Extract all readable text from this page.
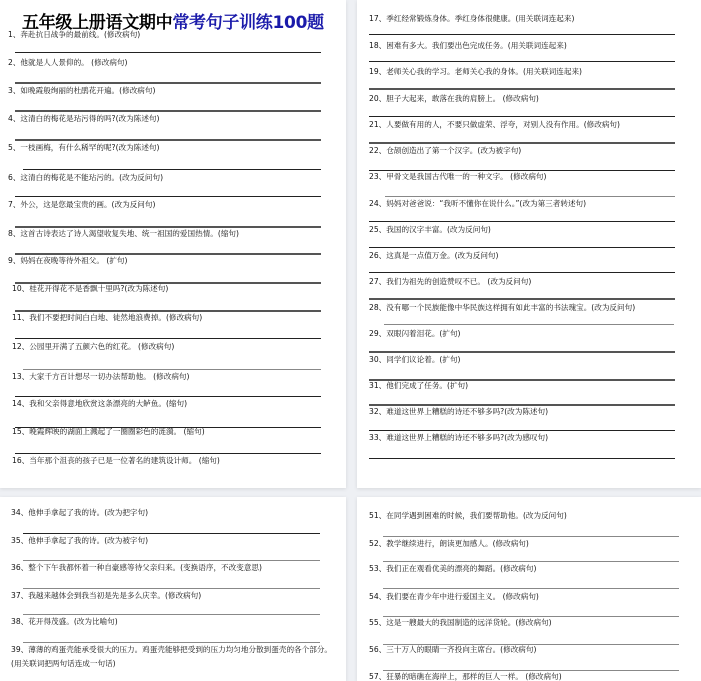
五年级上册语文期中常考句子训练100题
1、奔赴抗日战争的最前线。(修改病句)
2、他就是人人景仰的。 (修改病句)
3、如晚霞般绚丽的杜鹃花开遍。(修改病句)
4、这清白的梅花是玷污得的吗?(改为陈述句)
5、一枝画梅，有什么稀罕的呢?(改为陈述句)
6、这清白的梅花是不能玷污的。(改为反问句)
7、外公，这是您最宝贵的画。(改为反问句)
8、这首古诗表达了诗人渴望收复失地、统一祖国的爱国热情。(缩句)
9、妈妈在夜晚等待外祖父。 (扩句)
10、桂花开得花不是香飘十里吗?(改为陈述句)
11、我们不要把时间白白地、徒然地浪费掉。(修改病句)
12、公园里开满了五颜六色的红花。 (修改病句)
13、大家千方百计想尽一切办法帮助他。 (修改病句)
14、我和父亲得意地欣赏这条漂亮的大鲈鱼。(缩句)
15、晚霞辉映的湖面上溅起了一圈圈彩色的涟漪。 (缩句)
16、当年那个沮丧的孩子已是一位著名的建筑设计师。 (缩句)
17、季红经常锻炼身体。季红身体很健康。(用关联词连起来)
18、困难有多大。我们要出色完成任务。(用关联词连起来)
19、老师关心我的学习。老师关心我的身体。(用关联词连起来)
20、胆子大起来，敢落在我的肩膀上。 (修改病句)
21、人要做有用的人，不要只做虚荣、浮夸，对别人没有作用。(修改病句)
22、仓颉创造出了第一个汉字。(改为被字句)
23、甲骨文是我国古代唯一的一种文字。 (修改病句)
24、妈妈对爸爸说：“我听不懂你在说什么。”(改为第三者转述句)
25、我国的汉字丰富。(改为反问句)
26、这真是一点值万金。(改为反问句)
27、我们为祖先的创造赞叹不已。 (改为反问句)
28、没有哪一个民族能像中华民族这样拥有如此丰富的书法瑰宝。(改为反问句)
29、双眼闪着泪花。(扩句)
30、同学们议论着。(扩句)
31、他们完成了任务。(扩句)
32、难道这世界上糟糕的诗还不够多吗?(改为陈述句)
33、难道这世界上糟糕的诗还不够多吗?(改为感叹句)
34、他伸手拿起了我的诗。(改为把字句)
35、他伸手拿起了我的诗。(改为被字句)
36、整个下午我都怀着一种自豪感等待父亲归来。(变换语序，不改变意思)
37、我越来越体会到我当初是先是多么庆幸。(修改病句)
38、花开得茂盛。(改为比喻句)
39、薄薄的鸡蛋壳能承受很大的压力。鸡蛋壳能够把受到的压力均匀地分散到蛋壳的各个部分。(用关联词把两句话连成一句话)
51、在同学遇到困难的时候，我们要帮助他。(改为反问句)
52、教学继续进行，朗读更加感人。(修改病句)
53、我们正在观看优美的漂亮的舞蹈。(修改病句)
54、我们要在青少年中进行爱国主义。 (修改病句)
55、这是一艘最大的我国制造的远洋货轮。(修改病句)
56、三十万人的眼睛一齐投向主席台。(修改病句)
57、狂暴的暗礁在海岸上，那样的巨人一样。 (修改病句)
